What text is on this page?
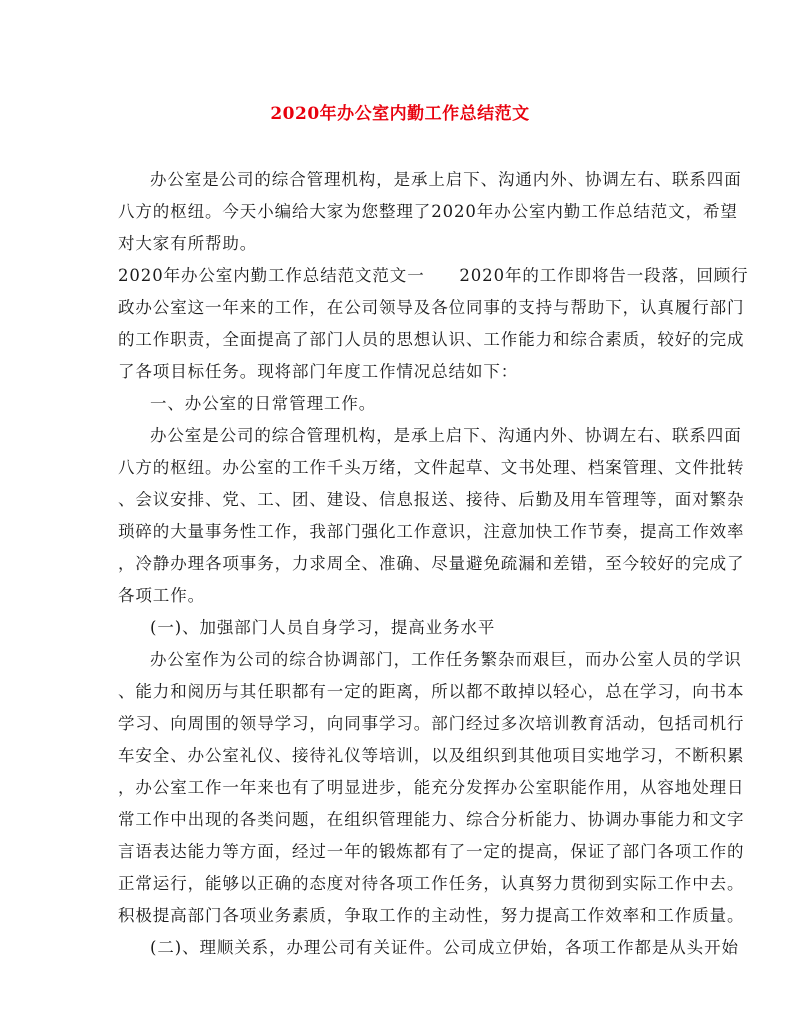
2020年办公室内勤工作总结范文
办公室是公司的综合管理机构，是承上启下、沟通内外、协调左右、联系四面
八方的枢纽。今天小编给大家为您整理了2020年办公室内勤工作总结范文，希望
对大家有所帮助。
2020年办公室内勤工作总结范文范文一　　2020年的工作即将告一段落，回顾行
政办公室这一年来的工作，在公司领导及各位同事的支持与帮助下，认真履行部门
的工作职责，全面提高了部门人员的思想认识、工作能力和综合素质，较好的完成
了各项目标任务。现将部门年度工作情况总结如下：
一、办公室的日常管理工作。
办公室是公司的综合管理机构，是承上启下、沟通内外、协调左右、联系四面
八方的枢纽。办公室的工作千头万绪，文件起草、文书处理、档案管理、文件批转
、会议安排、党、工、团、建设、信息报送、接待、后勤及用车管理等，面对繁杂
琐碎的大量事务性工作，我部门强化工作意识，注意加快工作节奏，提高工作效率
，冷静办理各项事务，力求周全、准确、尽量避免疏漏和差错，至今较好的完成了
各项工作。
(一)、加强部门人员自身学习，提高业务水平
办公室作为公司的综合协调部门，工作任务繁杂而艰巨，而办公室人员的学识
、能力和阅历与其任职都有一定的距离，所以都不敢掉以轻心，总在学习，向书本
学习、向周围的领导学习，向同事学习。部门经过多次培训教育活动，包括司机行
车安全、办公室礼仪、接待礼仪等培训，以及组织到其他项目实地学习，不断积累
，办公室工作一年来也有了明显进步，能充分发挥办公室职能作用，从容地处理日
常工作中出现的各类问题，在组织管理能力、综合分析能力、协调办事能力和文字
言语表达能力等方面，经过一年的锻炼都有了一定的提高，保证了部门各项工作的
正常运行，能够以正确的态度对待各项工作任务，认真努力贯彻到实际工作中去。
积极提高部门各项业务素质，争取工作的主动性，努力提高工作效率和工作质量。
(二)、理顺关系，办理公司有关证件。公司成立伊始，各项工作都是从头开始
